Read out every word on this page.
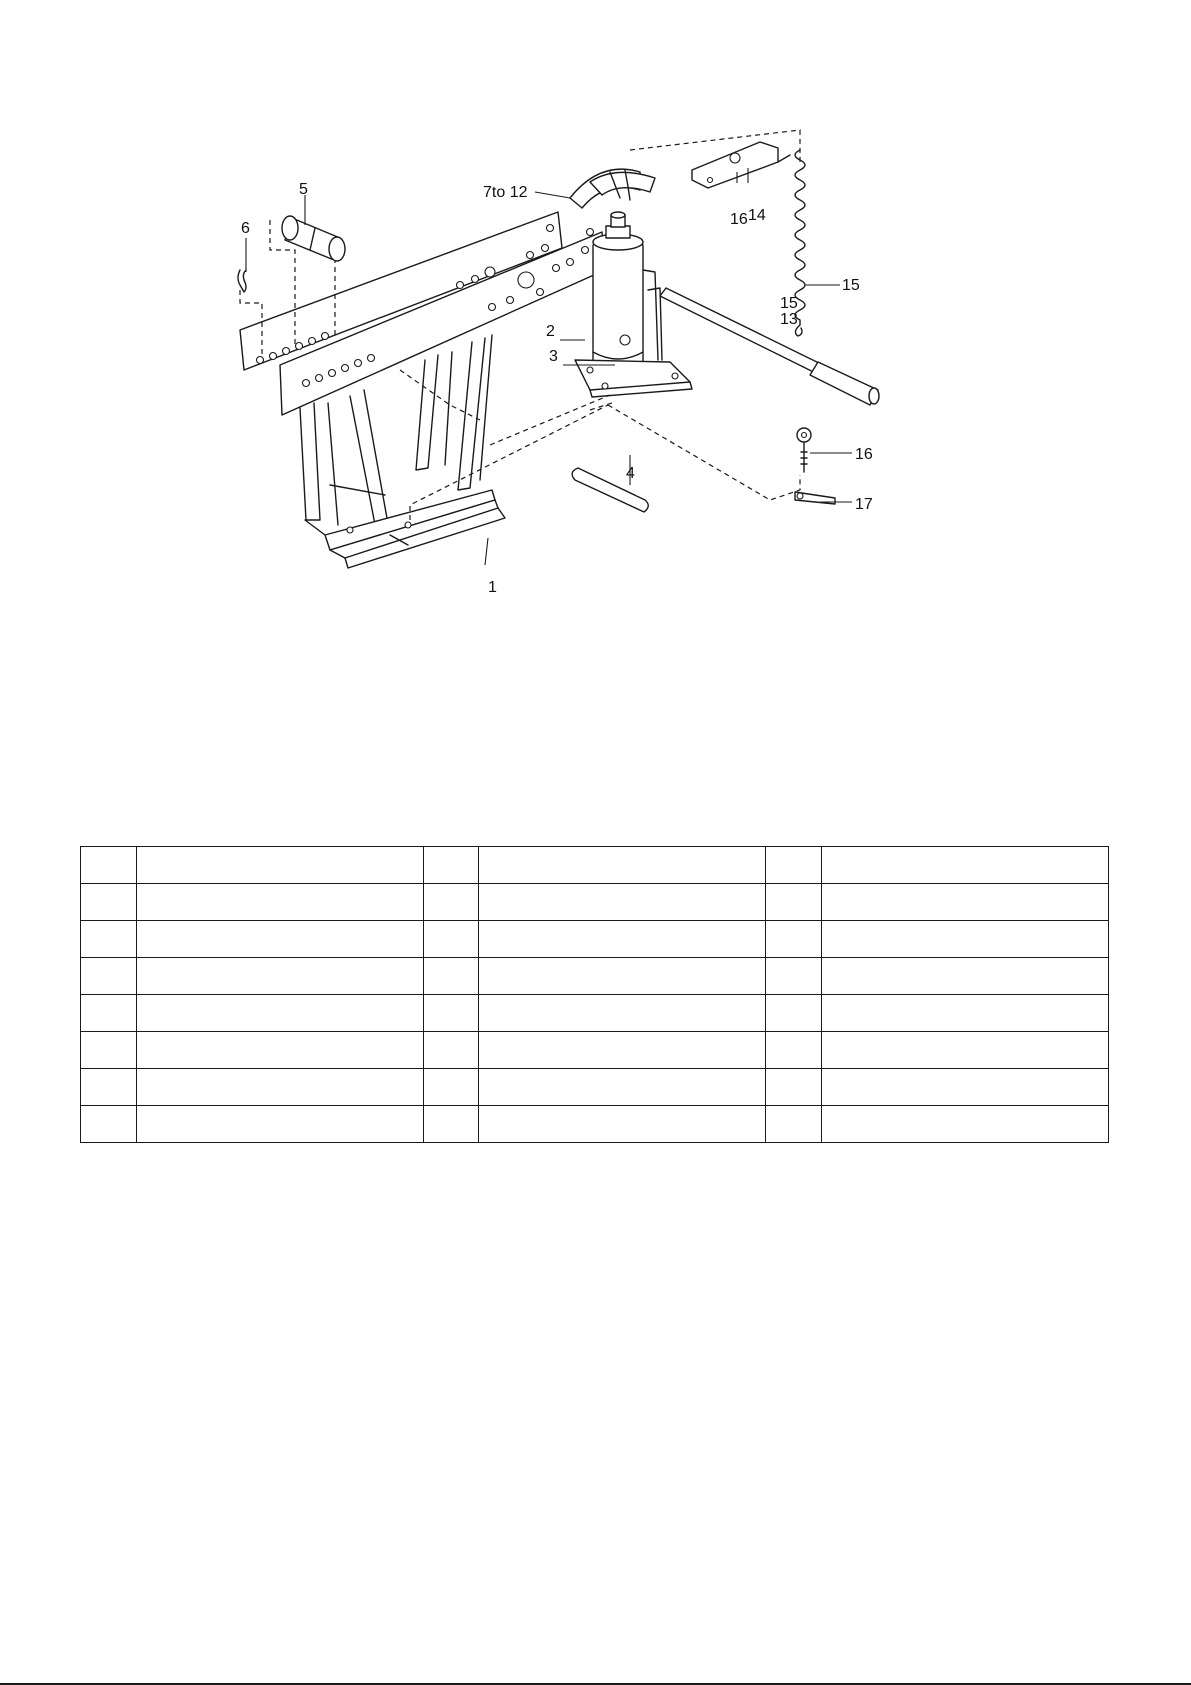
1
2
3
4
5
6
7to 12
13
14
15
15
16
16
17
